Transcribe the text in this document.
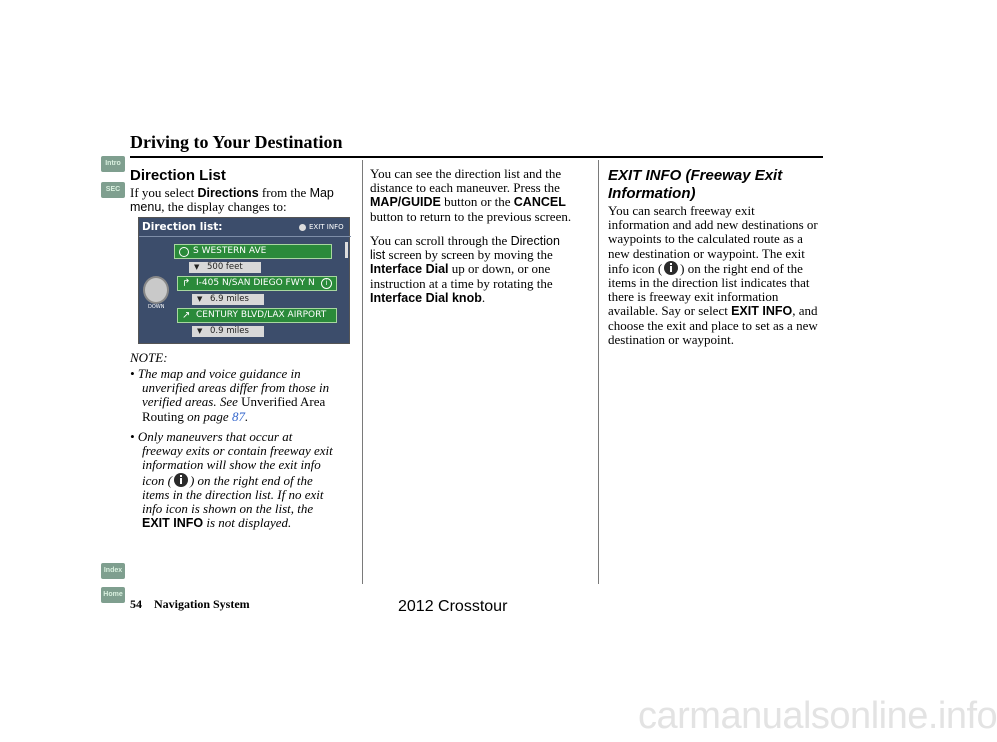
Intro
SEC
Index
Home
Driving to Your Destination
Direction List
If you select Directions from the Map
menu, the display changes to:
Direction list:	EXIT INFO
DOWN
S WESTERN AVE
▼ 500 feet
↱ I-405 N/SAN DIEGO FWY N	i
▼ 6.9 miles
↗ CENTURY BLVD/LAX AIRPORT
▼ 0.9 miles
NOTE:
• The map and voice guidance in
unverified areas differ from those in
verified areas. See Unverified Area
Routing on page 87.
• Only maneuvers that occur at
freeway exits or contain freeway exit
information will show the exit info
icon ( ) on the right end of the
items in the direction list. If no exit
info icon is shown on the list, the
EXIT INFO is not displayed.
You can see the direction list and the
distance to each maneuver. Press the
MAP/GUIDE button or the CANCEL
button to return to the previous screen.
You can scroll through the Direction
list screen by screen by moving the
Interface Dial up or down, or one
instruction at a time by rotating the
Interface Dial knob.
EXIT INFO (Freeway Exit
Information)
You can search freeway exit
information and add new destinations or
waypoints to the calculated route as a
new destination or waypoint. The exit
info icon ( ) on the right end of the
items in the direction list indicates that
there is freeway exit information
available. Say or select EXIT INFO, and
choose the exit and place to set as a new
destination or waypoint.
54 Navigation System	2012 Crosstour
carmanualsonline.info
